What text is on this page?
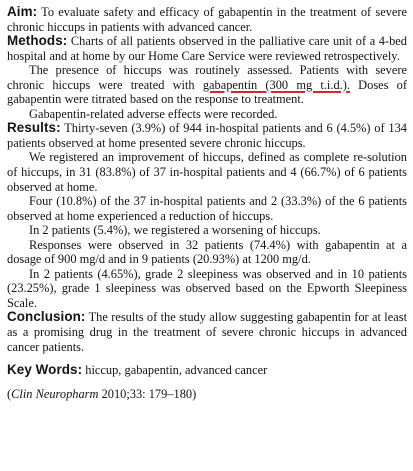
Aim: To evaluate safety and efficacy of gabapentin in the treatment of severe chronic hiccups in patients with advanced cancer.

Methods: Charts of all patients observed in the palliative care unit of a 4-bed hospital and at home by our Home Care Service were reviewed retrospectively.

The presence of hiccups was routinely assessed. Patients with severe chronic hiccups were treated with gabapentin (300 mg t.i.d.). Doses of gabapentin were titrated based on the response to treatment.

Gabapentin-related adverse effects were recorded.

Results: Thirty-seven (3.9%) of 944 in-hospital patients and 6 (4.5%) of 134 patients observed at home presented severe chronic hiccups.

We registered an improvement of hiccups, defined as complete re-solution of hiccups, in 31 (83.8%) of 37 in-hospital patients and 4 (66.7%) of 6 patients observed at home.

Four (10.8%) of the 37 in-hospital patients and 2 (33.3%) of the 6 patients observed at home experienced a reduction of hiccups.

In 2 patients (5.4%), we registered a worsening of hiccups.

Responses were observed in 32 patients (74.4%) with gabapentin at a dosage of 900 mg/d and in 9 patients (20.93%) at 1200 mg/d.

In 2 patients (4.65%), grade 2 sleepiness was observed and in 10 patients (23.25%), grade 1 sleepiness was observed based on the Epworth Sleepiness Scale.

Conclusion: The results of the study allow suggesting gabapentin for at least as a promising drug in the treatment of severe chronic hiccups in advanced cancer patients.

Key Words: hiccup, gabapentin, advanced cancer

(Clin Neuropharm 2010;33: 179–180)
